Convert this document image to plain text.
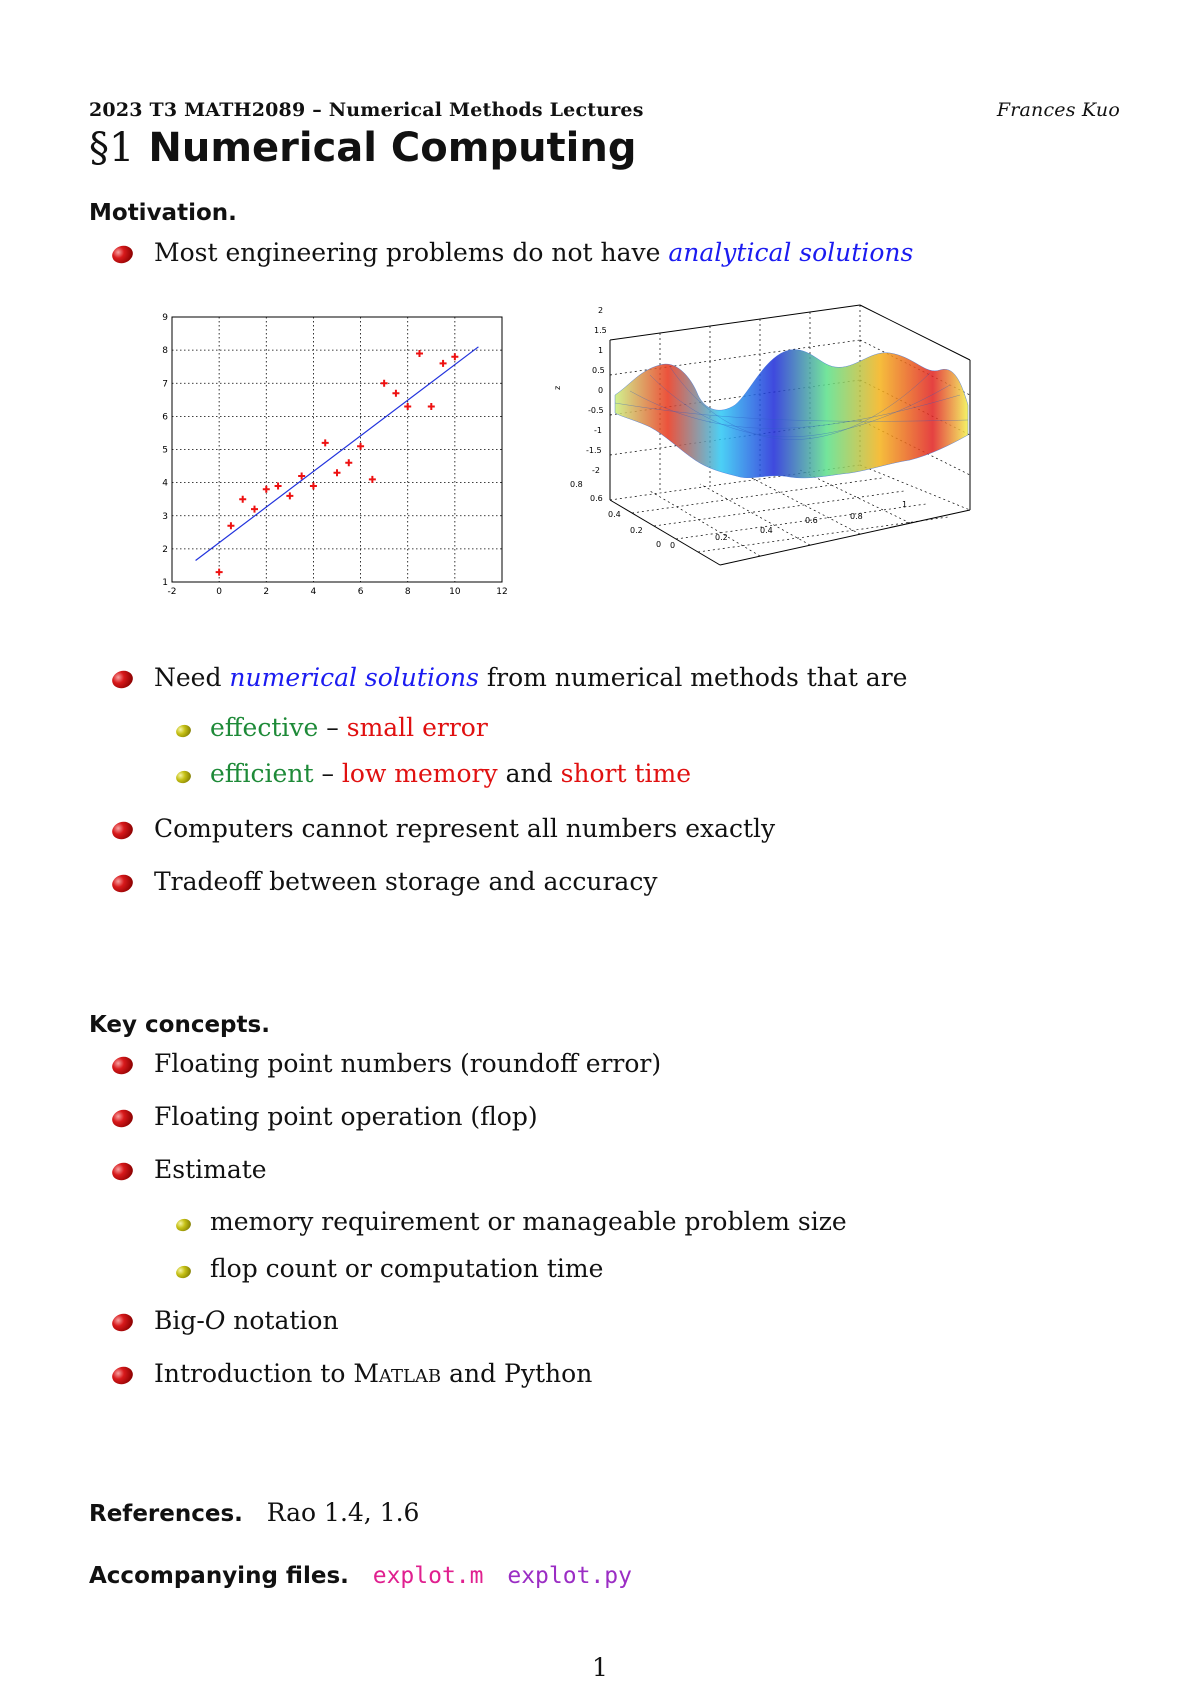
2023 T3 MATH2089 – Numerical Methods Lectures	Frances Kuo
§1 Numerical Computing
Motivation.
Most engineering problems do not have analytical solutions
-2	0	2	4	6	8	10	12
1
2
3
4
5
6
7
8
9
2
1.5
1
0.5
0
-0.5
-1
-1.5
-2
0
0.2
0.4
0.6
0.8
0
0.2
0.4
0.6	0.8
1
z
Need numerical solutions from numerical methods that are
effective – small error
efficient – low memory and short time
Computers cannot represent all numbers exactly
Tradeoff between storage and accuracy
Key concepts.
Floating point numbers (roundoff error)
Floating point operation (flop)
Estimate
memory requirement or manageable problem size
flop count or computation time
Big-O notation
Introduction to Matlab and Python
References. Rao 1.4, 1.6
Accompanying files. explot.m explot.py
1
